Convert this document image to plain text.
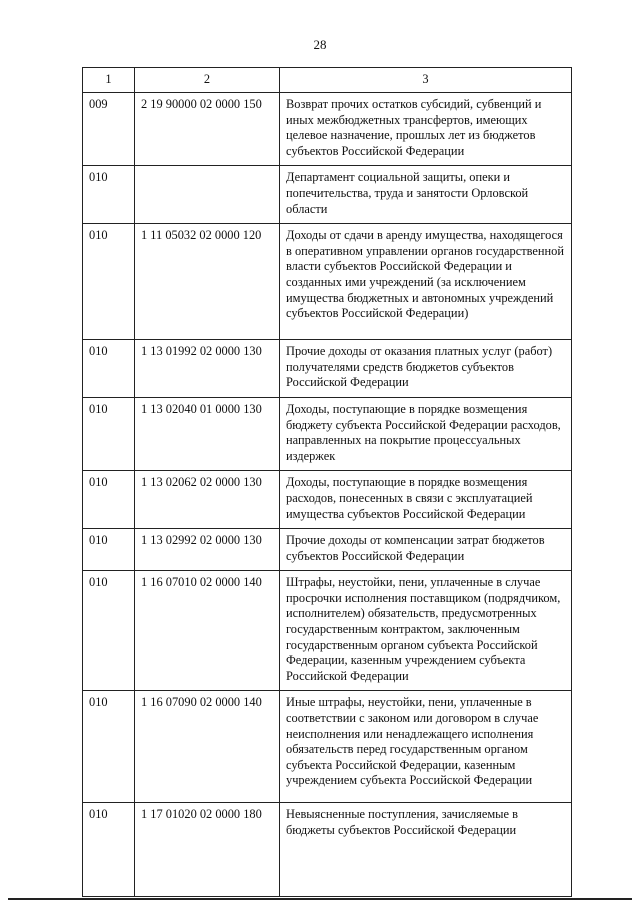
28
1	2	3
009	2 19 90000 02 0000 150	Возврат прочих остатков субсидий, субвенций и иных межбюджетных трансфертов, имеющих целевое назначение, прошлых лет из бюджетов субъектов Российской Федерации
010		Департамент социальной защиты, опеки и попечительства, труда и занятости Орловской области
010	1 11 05032 02 0000 120	Доходы от сдачи в аренду имущества, находящегося в оперативном управлении органов государственной власти субъектов Российской Федерации и созданных ими учреждений (за исключением имущества бюджетных и автономных учреждений субъектов Российской Федерации)
010	1 13 01992 02 0000 130	Прочие доходы от оказания платных услуг (работ) получателями средств бюджетов субъектов Российской Федерации
010	1 13 02040 01 0000 130	Доходы, поступающие в порядке возмещения бюджету субъекта Российской Федерации расходов, направленных на покрытие процессуальных издержек
010	1 13 02062 02 0000 130	Доходы, поступающие в порядке возмещения расходов, понесенных в связи с эксплуатацией имущества субъектов Российской Федерации
010	1 13 02992 02 0000 130	Прочие доходы от компенсации затрат бюджетов субъектов Российской Федерации
010	1 16 07010 02 0000 140	Штрафы, неустойки, пени, уплаченные в случае просрочки исполнения поставщиком (подрядчиком, исполнителем) обязательств, предусмотренных государственным контрактом, заключенным государственным органом субъекта Российской Федерации, казенным учреждением субъекта Российской Федерации
010	1 16 07090 02 0000 140	Иные штрафы, неустойки, пени, уплаченные в соответствии с законом или договором в случае неисполнения или ненадлежащего исполнения обязательств перед государственным органом субъекта Российской Федерации, казенным учреждением субъекта Российской Федерации
010	1 17 01020 02 0000 180	Невыясненные поступления, зачисляемые в бюджеты субъектов Российской Федерации
